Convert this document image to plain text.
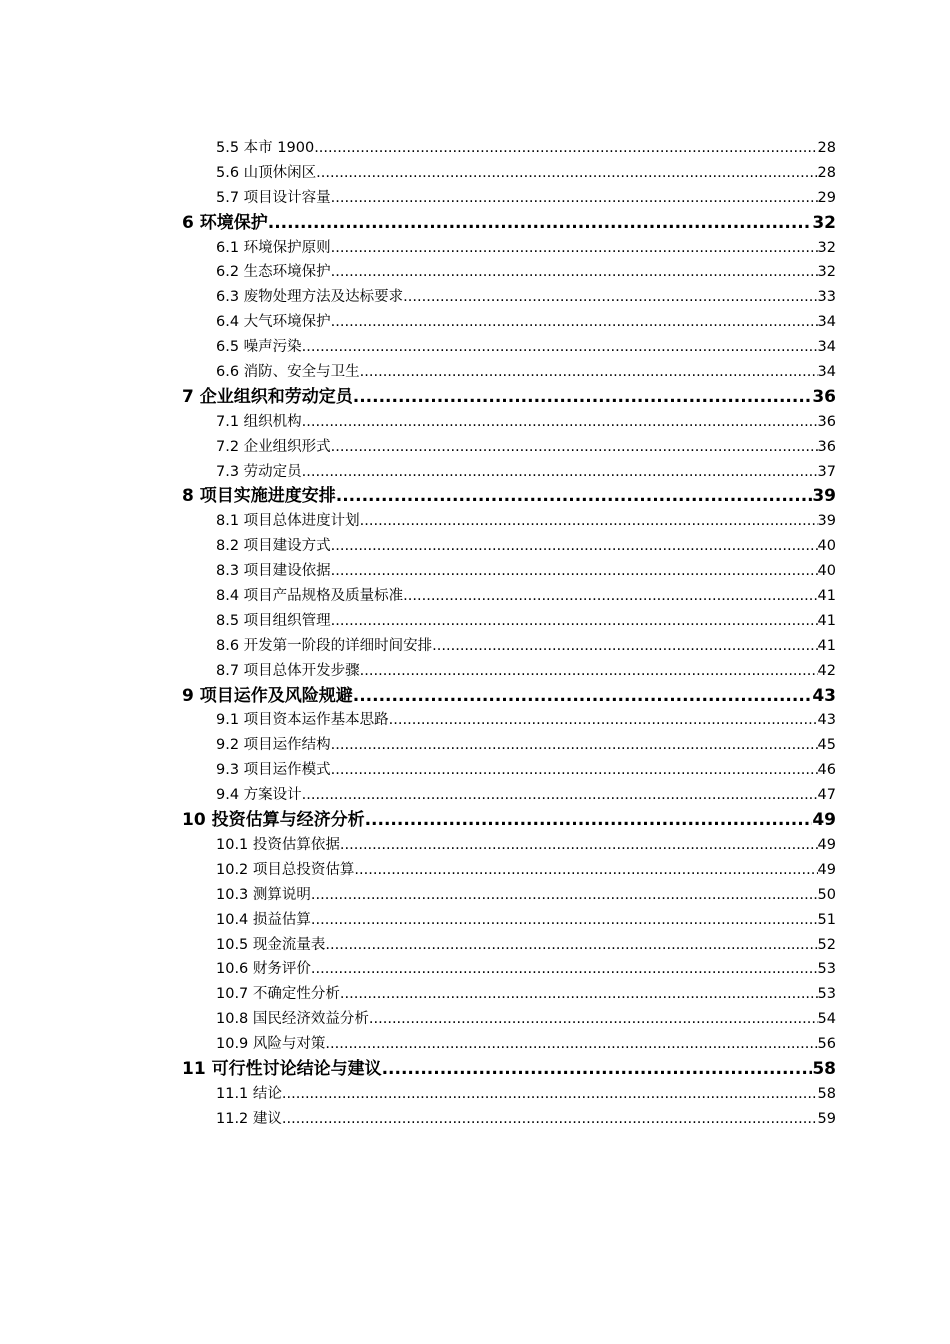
5.5 本市 1900 .....	28
5.6 山顶休闲区 .....	28
5.7 项目设计容量 .....	29
6 环境保护 .....	32
6.1 环境保护原则 .....	32
6.2 生态环境保护 .....	32
6.3 废物处理方法及达标要求 .....	33
6.4 大气环境保护 .....	34
6.5 噪声污染 .....	34
6.6 消防、安全与卫生 .....	34
7 企业组织和劳动定员 .....	36
7.1 组织机构 .....	36
7.2 企业组织形式 .....	36
7.3 劳动定员 .....	37
8 项目实施进度安排 .....	39
8.1 项目总体进度计划 .....	39
8.2 项目建设方式 .....	40
8.3 项目建设依据 .....	40
8.4 项目产品规格及质量标准 .....	41
8.5 项目组织管理 .....	41
8.6 开发第一阶段的详细时间安排 .....	41
8.7 项目总体开发步骤 .....	42
9 项目运作及风险规避 .....	43
9.1 项目资本运作基本思路 .....	43
9.2 项目运作结构 .....	45
9.3 项目运作模式 .....	46
9.4 方案设计 .....	47
10 投资估算与经济分析 .....	49
10.1 投资估算依据 .....	49
10.2 项目总投资估算 .....	49
10.3 测算说明 .....	50
10.4 损益估算 .....	51
10.5 现金流量表 .....	52
10.6 财务评价 .....	53
10.7 不确定性分析 .....	53
10.8 国民经济效益分析 .....	54
10.9 风险与对策 .....	56
11 可行性讨论结论与建议 .....	58
11.1 结论 .....	58
11.2 建议 .....	59
